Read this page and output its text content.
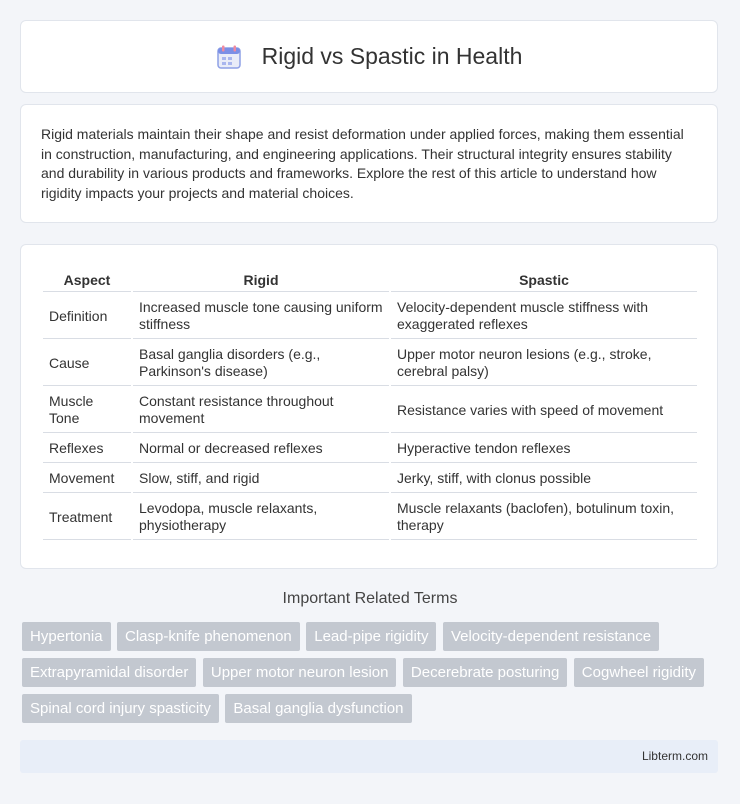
Rigid vs Spastic in Health

Rigid materials maintain their shape and resist deformation under applied forces, making them essential in construction, manufacturing, and engineering applications. Their structural integrity ensures stability and durability in various products and frameworks. Explore the rest of this article to understand how rigidity impacts your projects and material choices.

Aspect	Rigid	Spastic
Definition	Increased muscle tone causing uniform stiffness	Velocity-dependent muscle stiffness with exaggerated reflexes
Cause	Basal ganglia disorders (e.g., Parkinson's disease)	Upper motor neuron lesions (e.g., stroke, cerebral palsy)
Muscle Tone	Constant resistance throughout movement	Resistance varies with speed of movement
Reflexes	Normal or decreased reflexes	Hyperactive tendon reflexes
Movement	Slow, stiff, and rigid	Jerky, stiff, with clonus possible
Treatment	Levodopa, muscle relaxants, physiotherapy	Muscle relaxants (baclofen), botulinum toxin, therapy
Important Related Terms
Hypertonia Clasp-knife phenomenon Lead-pipe rigidity Velocity-dependent resistance Extrapyramidal disorder Upper motor neuron lesion Decerebrate posturing Cogwheel rigidity Spinal cord injury spasticity Basal ganglia dysfunction
Libterm.com
